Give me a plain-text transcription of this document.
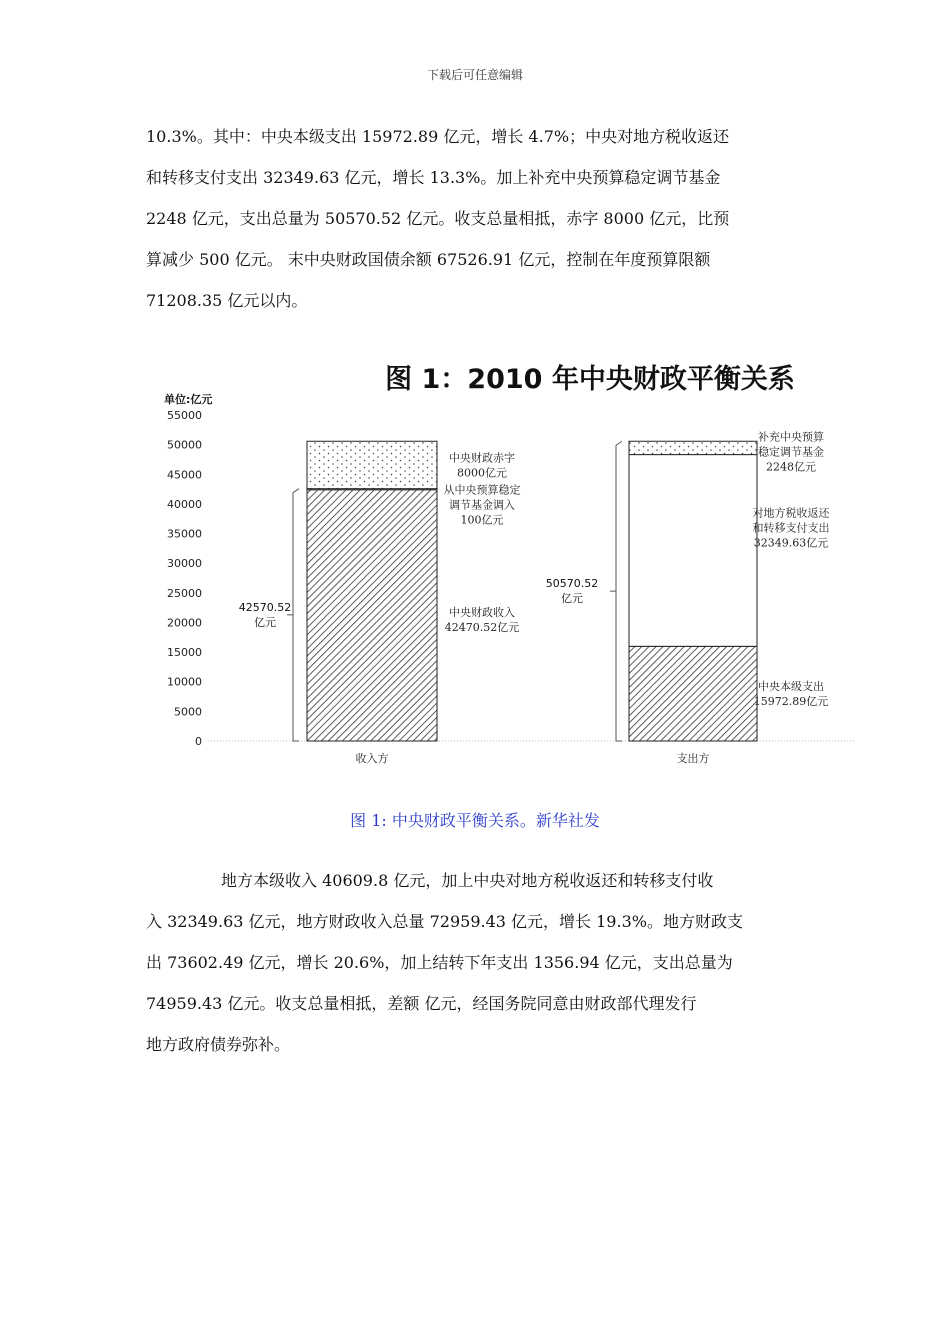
下载后可任意编辑
10.3%。其中：中央本级支出 15972.89 亿元，增长 4.7%；中央对地方税收返还
和转移支付支出 32349.63 亿元，增长 13.3%。加上补充中央预算稳定调节基金
2248 亿元，支出总量为 50570.52 亿元。收支总量相抵，赤字 8000 亿元，比预
算减少 500 亿元。 末中央财政国债余额 67526.91 亿元，控制在年度预算限额
71208.35 亿元以内。
图 1：2010 年中央财政平衡关系
单位:亿元
0
5000
10000
15000
20000
25000
30000
35000
40000
45000
50000
55000
中央财政收入
42470.52亿元
从中央预算稳定
调节基金调入
100亿元
中央财政赤字
8000亿元
42570.52
亿元
收入方
中央本级支出
15972.89亿元
对地方税收返还
和转移支付支出
32349.63亿元
补充中央预算
稳定调节基金
2248亿元
50570.52
亿元
支出方
图 1: 中央财政平衡关系。新华社发
地方本级收入 40609.8 亿元，加上中央对地方税收返还和转移支付收
入 32349.63 亿元，地方财政收入总量 72959.43 亿元，增长 19.3%。地方财政支
出 73602.49 亿元，增长 20.6%，加上结转下年支出 1356.94 亿元，支出总量为
74959.43 亿元。收支总量相抵，差额 亿元，经国务院同意由财政部代理发行
地方政府债券弥补。
